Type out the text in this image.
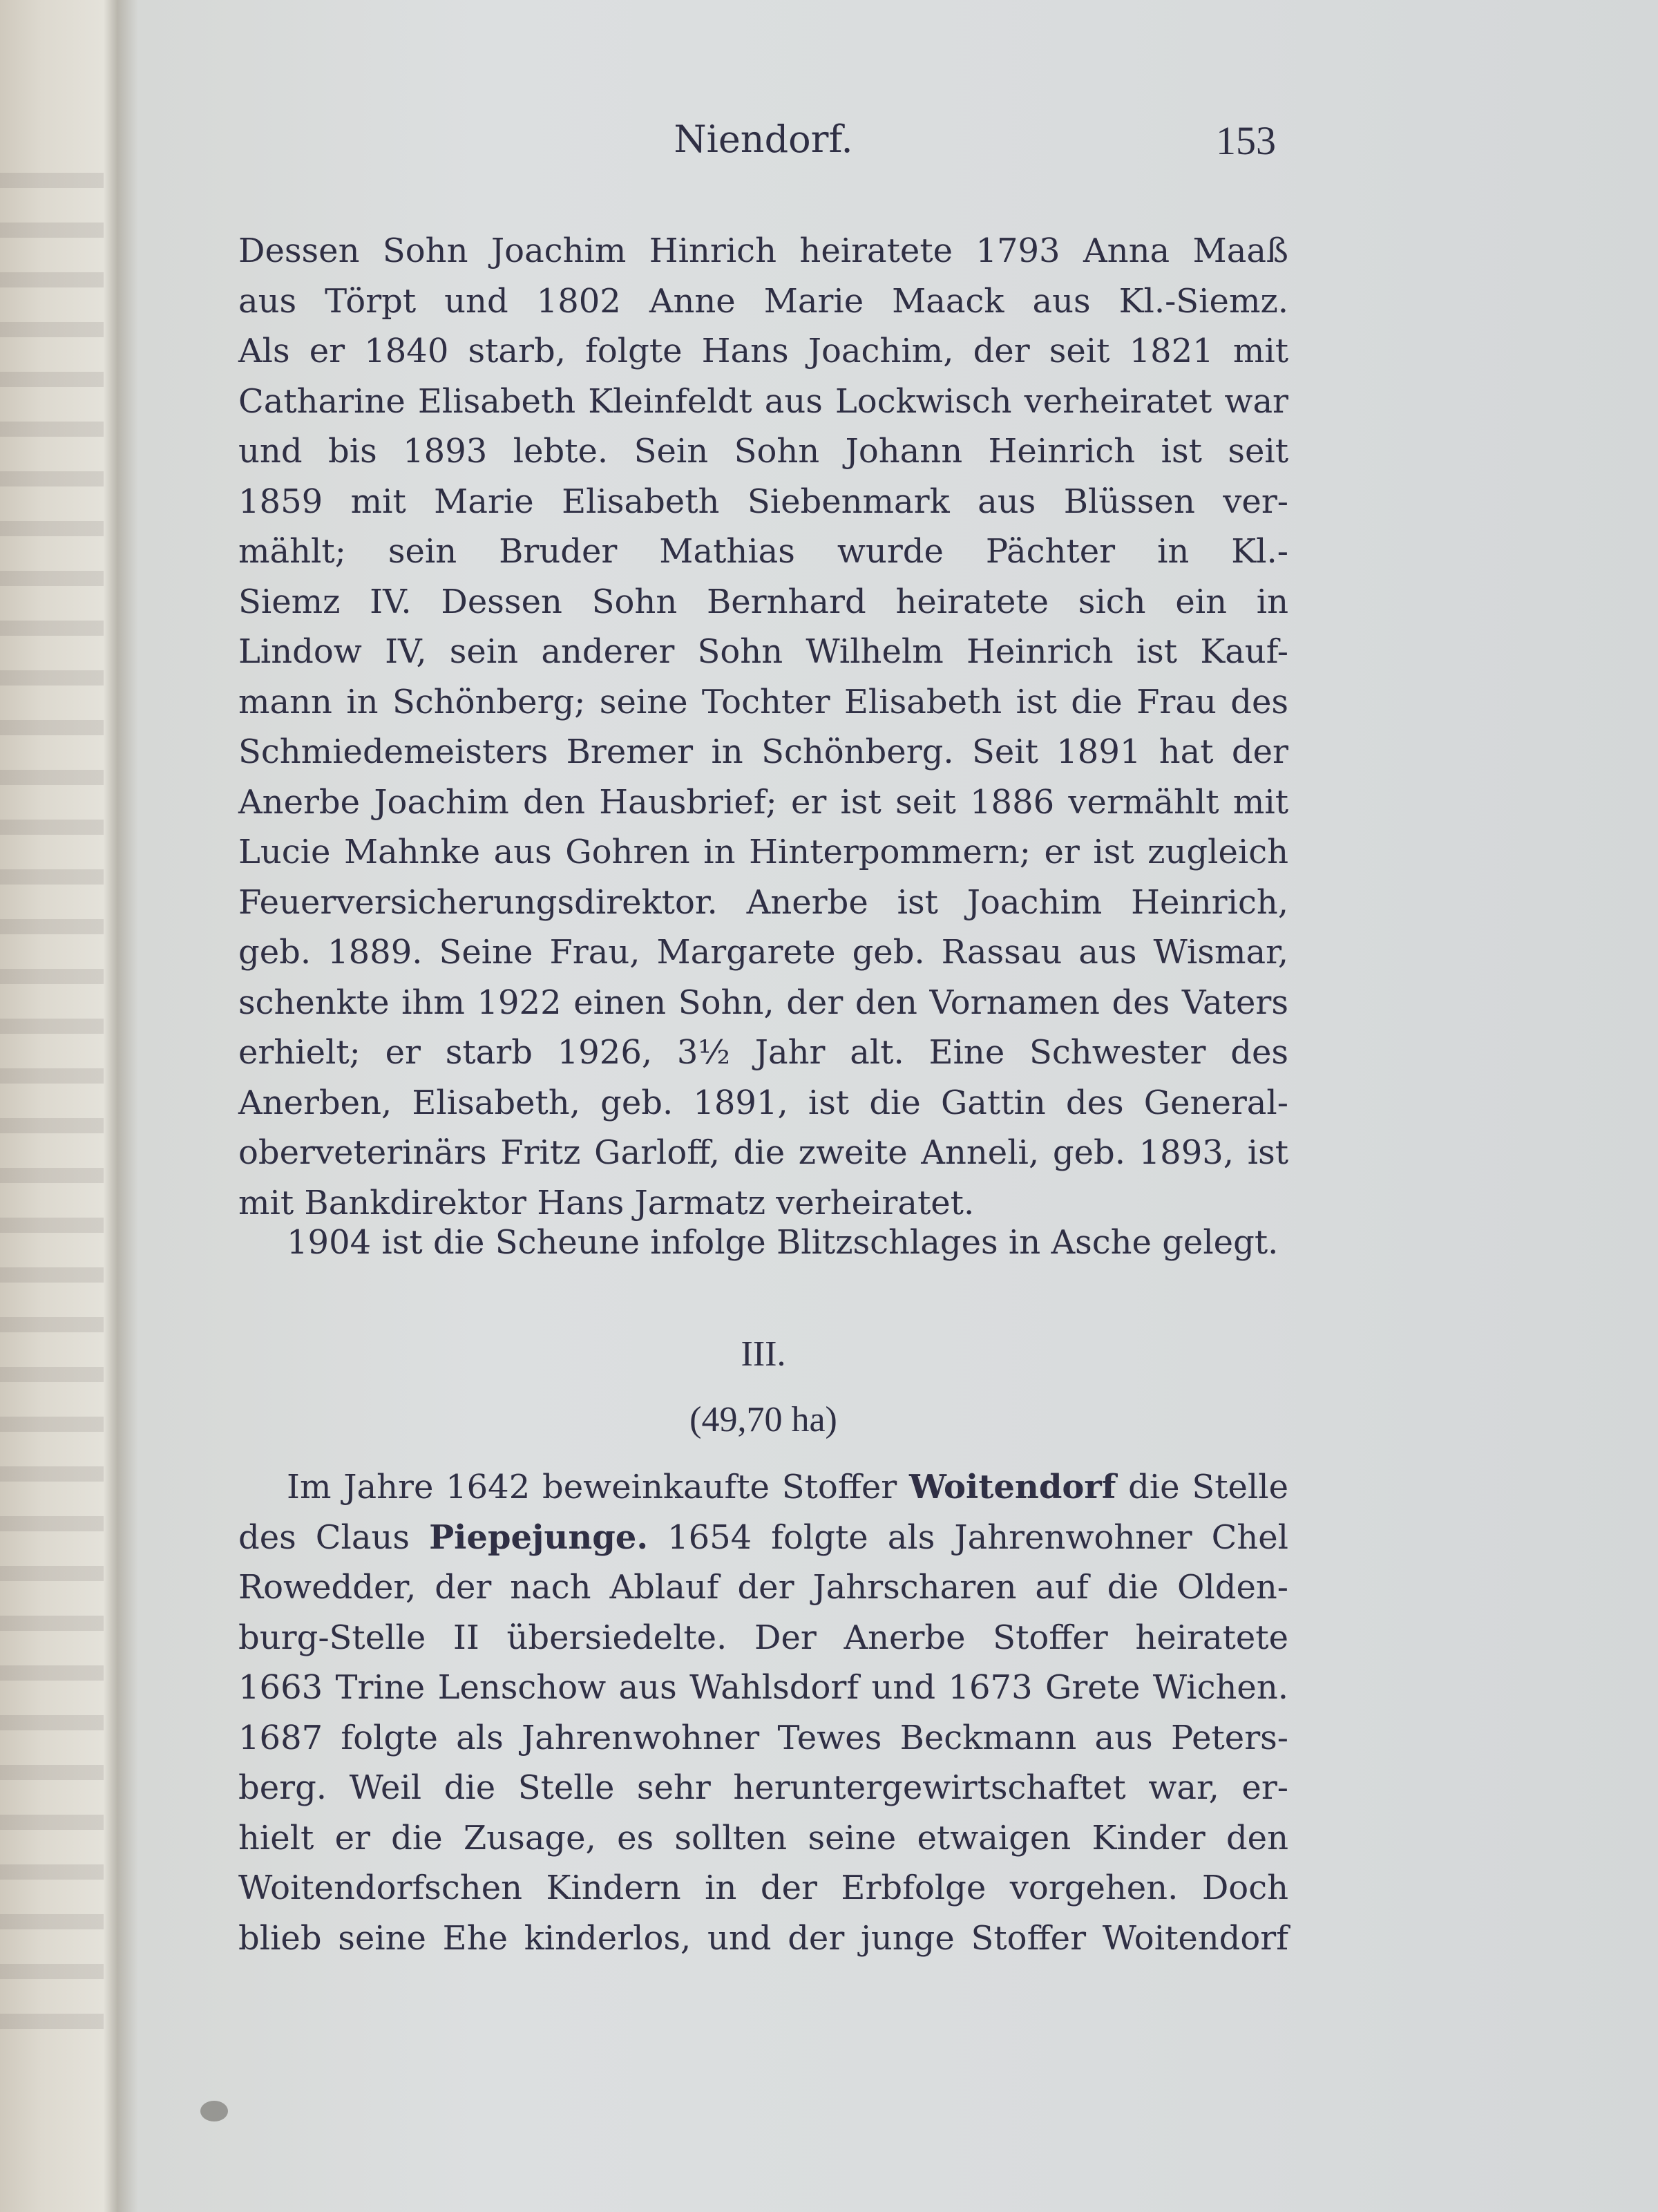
Niendorf.	153
Dessen Sohn Joachim Hinrich heiratete 1793 Anna Maaß
aus Törpt und 1802 Anne Marie Maack aus Kl.-Siemz.
Als er 1840 starb, folgte Hans Joachim, der seit 1821 mit
Catharine Elisabeth Kleinfeldt aus Lockwisch verheiratet war
und bis 1893 lebte. Sein Sohn Johann Heinrich ist seit
1859 mit Marie Elisabeth Siebenmark aus Blüssen ver-
mählt; sein Bruder Mathias wurde Pächter in Kl.-
Siemz IV. Dessen Sohn Bernhard heiratete sich ein in
Lindow IV, sein anderer Sohn Wilhelm Heinrich ist Kauf-
mann in Schönberg; seine Tochter Elisabeth ist die Frau des
Schmiedemeisters Bremer in Schönberg. Seit 1891 hat der
Anerbe Joachim den Hausbrief; er ist seit 1886 vermählt mit
Lucie Mahnke aus Gohren in Hinterpommern; er ist zugleich
Feuerversicherungsdirektor. Anerbe ist Joachim Heinrich,
geb. 1889. Seine Frau, Margarete geb. Rassau aus Wismar,
schenkte ihm 1922 einen Sohn, der den Vornamen des Vaters
erhielt; er starb 1926, 3½ Jahr alt. Eine Schwester des
Anerben, Elisabeth, geb. 1891, ist die Gattin des General-
oberveterinärs Fritz Garloff, die zweite Anneli, geb. 1893, ist
mit Bankdirektor Hans Jarmatz verheiratet.
1904 ist die Scheune infolge Blitzschlages in Asche gelegt.
III.
(49,70 ha)
Im Jahre 1642 beweinkaufte Stoffer Woitendorf die Stelle
des Claus Piepejunge. 1654 folgte als Jahrenwohner Chel
Rowedder, der nach Ablauf der Jahrscharen auf die Olden-
burg-Stelle II übersiedelte. Der Anerbe Stoffer heiratete
1663 Trine Lenschow aus Wahlsdorf und 1673 Grete Wichen.
1687 folgte als Jahrenwohner Tewes Beckmann aus Peters-
berg. Weil die Stelle sehr heruntergewirtschaftet war, er-
hielt er die Zusage, es sollten seine etwaigen Kinder den
Woitendorfschen Kindern in der Erbfolge vorgehen. Doch
blieb seine Ehe kinderlos, und der junge Stoffer Woitendorf
